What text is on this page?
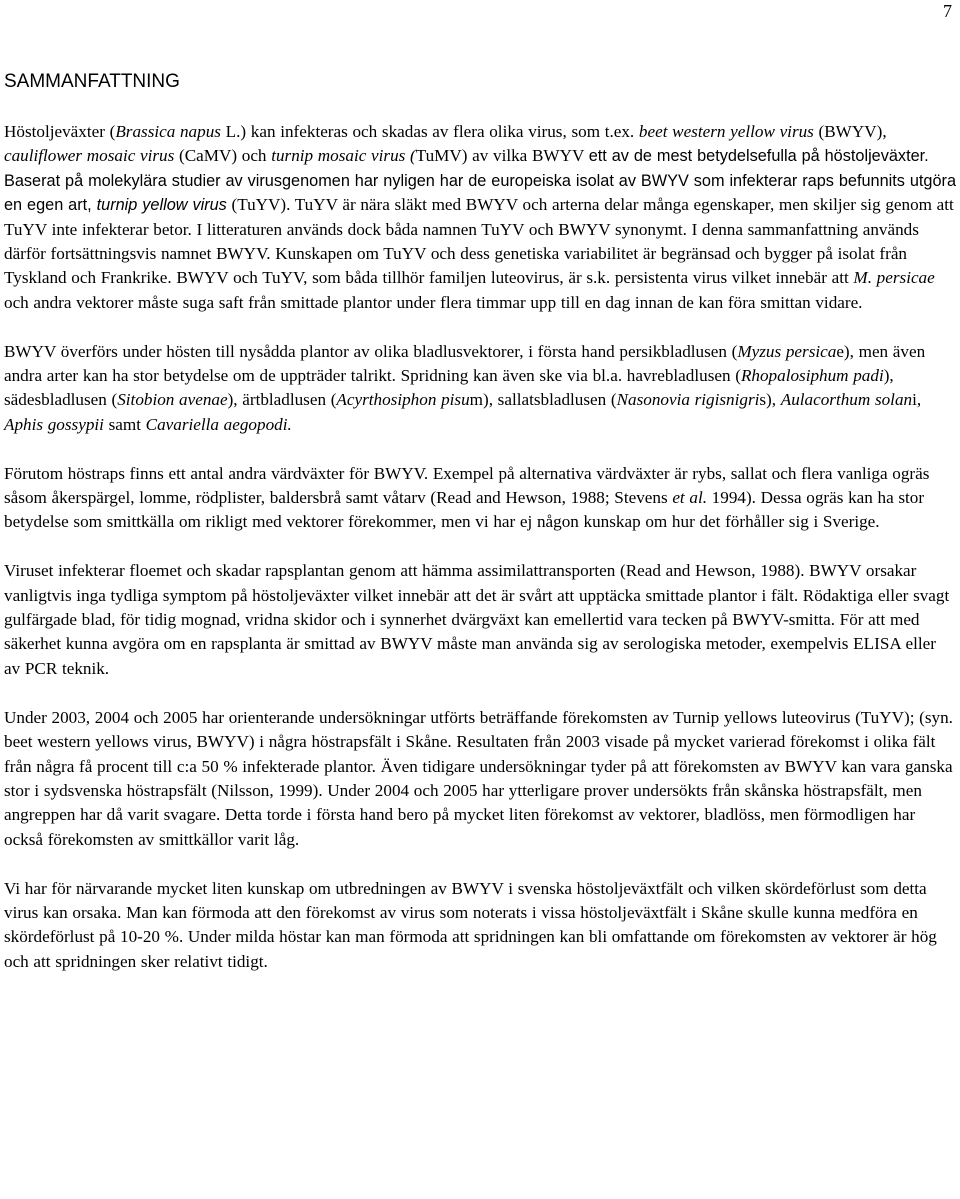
7
SAMMANFATTNING

Höstoljeväxter (Brassica napus L.) kan infekteras och skadas av flera olika virus, som t.ex. beet western yellow virus (BWYV), cauliflower mosaic virus (CaMV) och turnip mosaic virus (TuMV) av vilka BWYV ett av de mest betydelsefulla på höstoljeväxter. Baserat på molekylära studier av virusgenomen har nyligen har de europeiska isolat av BWYV som infekterar raps befunnits utgöra en egen art, turnip yellow virus (TuYV). TuYV är nära släkt med BWYV och arterna delar många egenskaper, men skiljer sig genom att TuYV inte infekterar betor. I litteraturen används dock båda namnen TuYV och BWYV synonymt. I denna sammanfattning används därför fortsättningsvis namnet BWYV. Kunskapen om TuYV och dess genetiska variabilitet är begränsad och bygger på isolat från Tyskland och Frankrike. BWYV och TuYV, som båda tillhör familjen luteovirus, är s.k. persistenta virus vilket innebär att M. persicae och andra vektorer måste suga saft från smittade plantor under flera timmar upp till en dag innan de kan föra smittan vidare.

BWYV överförs under hösten till nysådda plantor av olika bladlusvektorer, i första hand persikbladlusen (Myzus persicae), men även andra arter kan ha stor betydelse om de uppträder talrikt. Spridning kan även ske via bl.a. havrebladlusen (Rhopalosiphum padi), sädesbladlusen (Sitobion avenae), ärtbladlusen (Acyrthosiphon pisum), sallatsbladlusen (Nasonovia rigisnigris), Aulacorthum solani, Aphis gossypii samt Cavariella aegopodi.

Förutom höstraps finns ett antal andra värdväxter för BWYV. Exempel på alternativa värdväxter är rybs, sallat och flera vanliga ogräs såsom åkerspärgel, lomme, rödplister, baldersbrå samt våtarv (Read and Hewson, 1988; Stevens et al. 1994). Dessa ogräs kan ha stor betydelse som smittkälla om rikligt med vektorer förekommer, men vi har ej någon kunskap om hur det förhåller sig i Sverige.

Viruset infekterar floemet och skadar rapsplantan genom att hämma assimilattransporten (Read and Hewson, 1988). BWYV orsakar vanligtvis inga tydliga symptom på höstoljeväxter vilket innebär att det är svårt att upptäcka smittade plantor i fält. Rödaktiga eller svagt gulfärgade blad, för tidig mognad, vridna skidor och i synnerhet dvärgväxt kan emellertid vara tecken på BWYV-smitta. För att med säkerhet kunna avgöra om en rapsplanta är smittad av BWYV måste man använda sig av serologiska metoder, exempelvis ELISA eller av PCR teknik.

Under 2003, 2004 och 2005 har orienterande undersökningar utförts beträffande förekomsten av Turnip yellows luteovirus (TuYV); (syn. beet western yellows virus, BWYV) i några höstrapsfält i Skåne. Resultaten från 2003 visade på mycket varierad förekomst i olika fält från några få procent till c:a 50 % infekterade plantor. Även tidigare undersökningar tyder på att förekomsten av BWYV kan vara ganska stor i sydsvenska höstrapsfält (Nilsson, 1999). Under 2004 och 2005 har ytterligare prover undersökts från skånska höstrapsfält, men angreppen har då varit svagare. Detta torde i första hand bero på mycket liten förekomst av vektorer, bladlöss, men förmodligen har också förekomsten av smittkällor varit låg.

Vi har för närvarande mycket liten kunskap om utbredningen av BWYV i svenska höstoljeväxtfält och vilken skördeförlust som detta virus kan orsaka. Man kan förmoda att den förekomst av virus som noterats i vissa höstoljeväxtfält i Skåne skulle kunna medföra en skördeförlust på 10-20 %. Under milda höstar kan man förmoda att spridningen kan bli omfattande om förekomsten av vektorer är hög och att spridningen sker relativt tidigt.
